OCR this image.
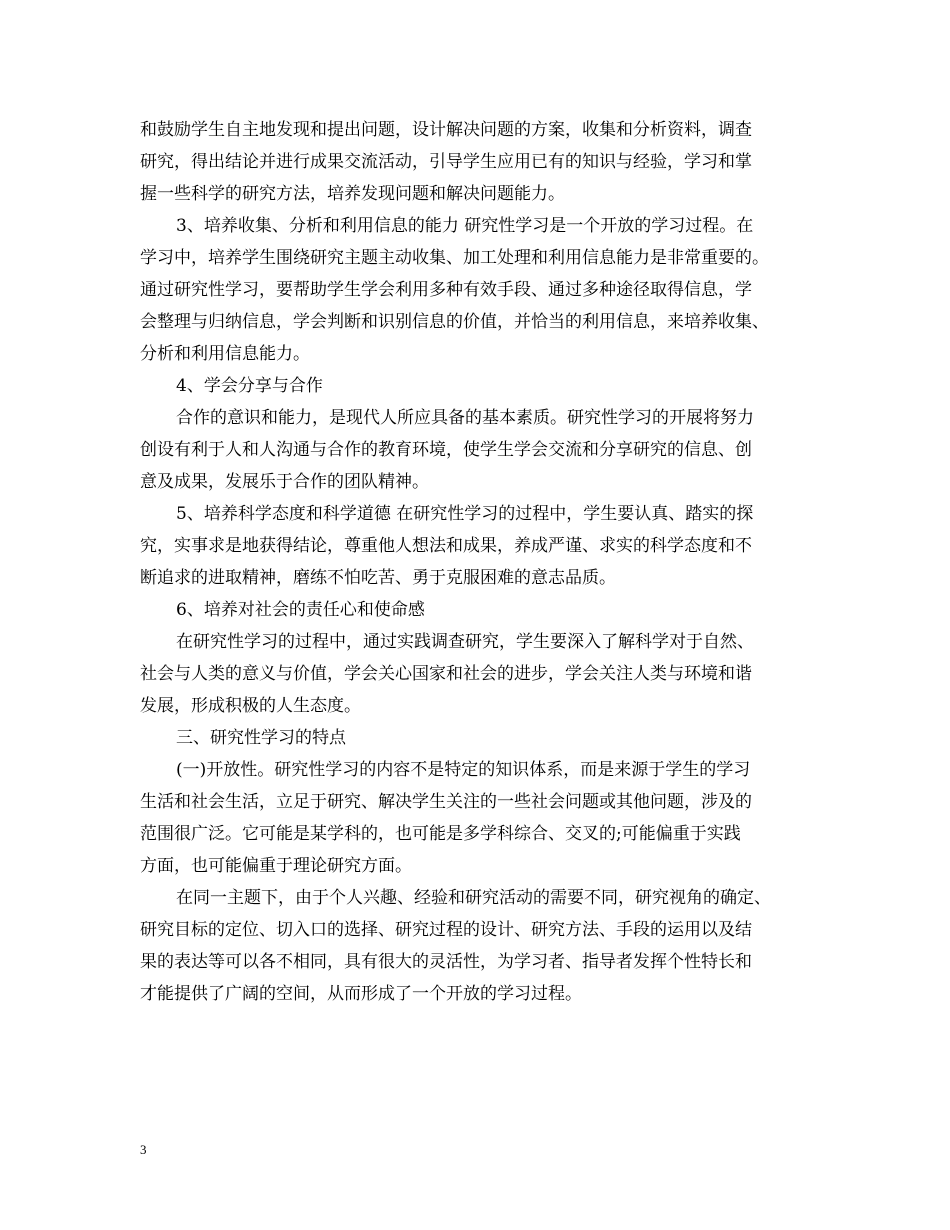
和鼓励学生自主地发现和提出问题，设计解决问题的方案，收集和分析资料，调查
研究，得出结论并进行成果交流活动，引导学生应用已有的知识与经验，学习和掌
握一些科学的研究方法，培养发现问题和解决问题能力。
3、培养收集、分析和利用信息的能力 研究性学习是一个开放的学习过程。在
学习中，培养学生围绕研究主题主动收集、加工处理和利用信息能力是非常重要的。
通过研究性学习，要帮助学生学会利用多种有效手段、通过多种途径取得信息，学
会整理与归纳信息，学会判断和识别信息的价值，并恰当的利用信息，来培养收集、
分析和利用信息能力。
4、学会分享与合作
合作的意识和能力，是现代人所应具备的基本素质。研究性学习的开展将努力
创设有利于人和人沟通与合作的教育环境，使学生学会交流和分享研究的信息、创
意及成果，发展乐于合作的团队精神。
5、培养科学态度和科学道德 在研究性学习的过程中，学生要认真、踏实的探
究，实事求是地获得结论，尊重他人想法和成果，养成严谨、求实的科学态度和不
断追求的进取精神，磨练不怕吃苦、勇于克服困难的意志品质。
6、培养对社会的责任心和使命感
在研究性学习的过程中，通过实践调查研究，学生要深入了解科学对于自然、
社会与人类的意义与价值，学会关心国家和社会的进步，学会关注人类与环境和谐
发展，形成积极的人生态度。
三、研究性学习的特点
(一)开放性。研究性学习的内容不是特定的知识体系，而是来源于学生的学习
生活和社会生活，立足于研究、解决学生关注的一些社会问题或其他问题，涉及的
范围很广泛。它可能是某学科的，也可能是多学科综合、交叉的;可能偏重于实践
方面，也可能偏重于理论研究方面。
在同一主题下，由于个人兴趣、经验和研究活动的需要不同，研究视角的确定、
研究目标的定位、切入口的选择、研究过程的设计、研究方法、手段的运用以及结
果的表达等可以各不相同，具有很大的灵活性，为学习者、指导者发挥个性特长和
才能提供了广阔的空间，从而形成了一个开放的学习过程。
3
